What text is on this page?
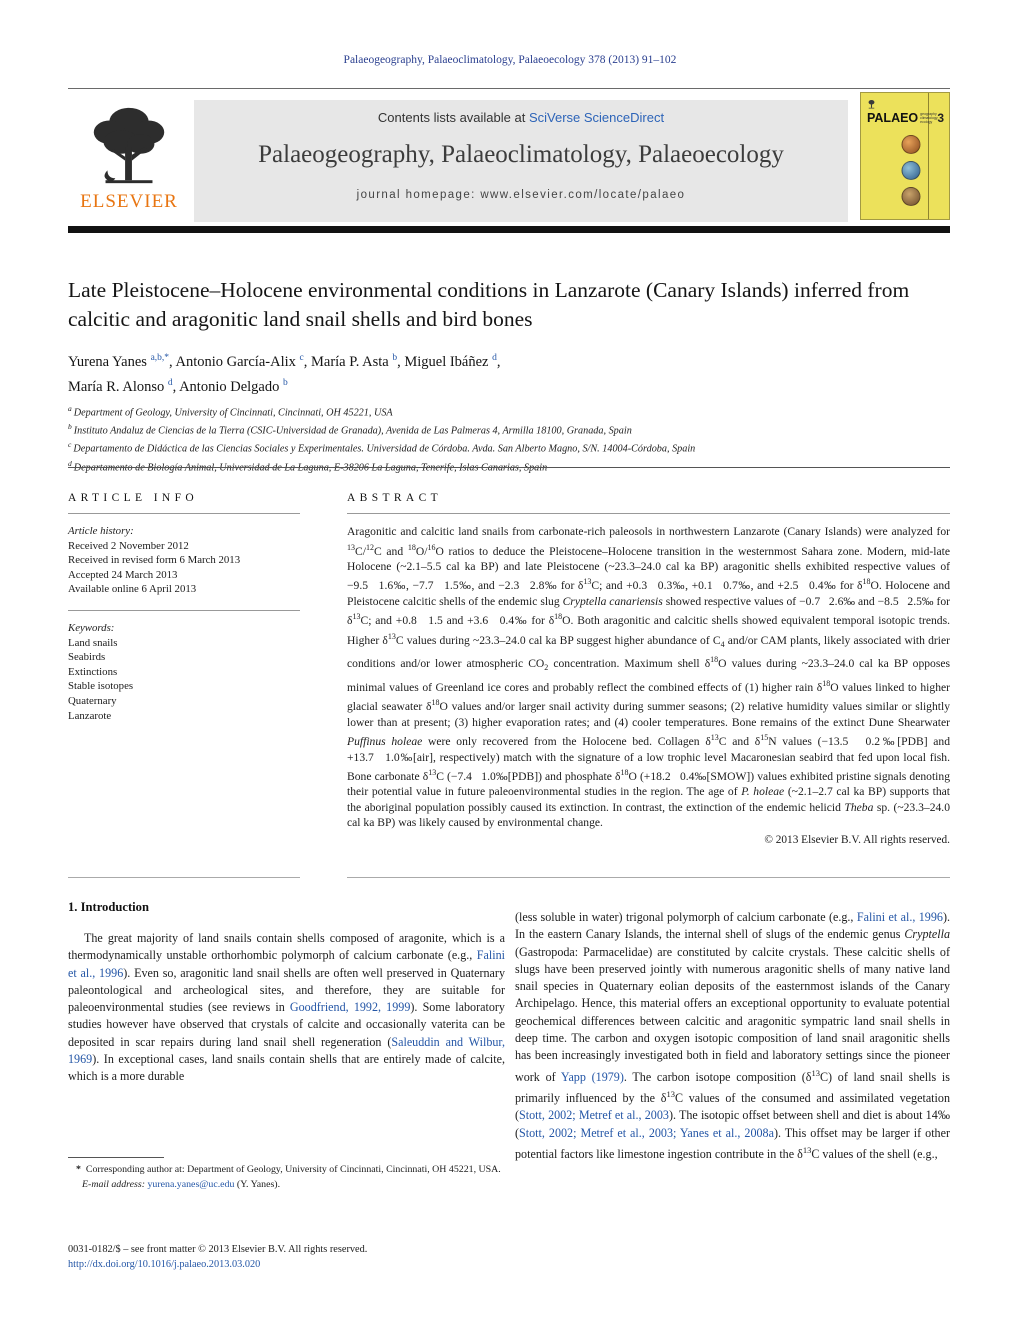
Palaeogeography, Palaeoclimatology, Palaeoecology 378 (2013) 91–102
ELSEVIER
Contents lists available at SciVerse ScienceDirect
Palaeogeography, Palaeoclimatology, Palaeoecology
journal homepage: www.elsevier.com/locate/palaeo
PALAEO geography
climatology
ecology 3
Late Pleistocene–Holocene environmental conditions in Lanzarote (Canary Islands) inferred from calcitic and aragonitic land snail shells and bird bones
Yurena Yanes $^{a,b,*}$, Antonio García-Alix $^c$, María P. Asta $^b$, Miguel Ibáñez $^d$,
María R. Alonso $^d$, Antonio Delgado $^b$
$^a$ Department of Geology, University of Cincinnati, Cincinnati, OH 45221, USA
$^b$ Instituto Andaluz de Ciencias de la Tierra (CSIC-Universidad de Granada), Avenida de Las Palmeras 4, Armilla 18100, Granada, Spain
$^c$ Departamento de Didáctica de las Ciencias Sociales y Experimentales. Universidad de Córdoba. Avda. San Alberto Magno, S/N. 14004-Córdoba, Spain
$^d$ Departamento de Biología Animal, Universidad de La Laguna, E-38206 La Laguna, Tenerife, Islas Canarias, Spain
ARTICLE INFO
Article history:
Received 2 November 2012
Received in revised form 6 March 2013
Accepted 24 March 2013
Available online 6 April 2013
Keywords:
Land snails
Seabirds
Extinctions
Stable isotopes
Quaternary
Lanzarote
ABSTRACT
Aragonitic and calcitic land snails from carbonate-rich paleosols in northwestern Lanzarote (Canary Islands) were analyzed for $^{13}$C/$^{12}$C and $^{18}$O/$^{16}$O ratios to deduce the Pleistocene–Holocene transition in the westernmost Sahara zone. Modern, mid-late Holocene (~2.1–5.5 cal ka BP) and late Pleistocene (~23.3–24.0 cal ka BP) aragonitic shells exhibited respective values of −9.5   1.6‰, −7.7   1.5‰, and −2.3   2.8‰ for $\delta^{13}C$; and +0.3   0.3‰, +0.1   0.7‰, and +2.5   0.4‰ for $\delta^{18}O$. Holocene and Pleistocene calcitic shells of the endemic slug Cryptella canariensis showed respective values of −0.7   2.6‰ and −8.5   2.5‰ for $\delta^{13}C$; and +0.8   1.5 and +3.6   0.4‰ for $\delta^{18}O$. Both aragonitic and calcitic shells showed equivalent temporal isotopic trends. Higher $\delta^{13}C$ values during ~23.3–24.0 cal ka BP suggest higher abundance of $C_4$ and/or CAM plants, likely associated with drier conditions and/or lower atmospheric $CO_2$ concentration. Maximum shell $\delta^{18}O$ values during ~23.3–24.0 cal ka BP opposes minimal values of Greenland ice cores and probably reflect the combined effects of (1) higher rain $\delta^{18}O$ values linked to higher glacial seawater $\delta^{18}O$ values and/or larger snail activity during summer seasons; (2) relative humidity values similar or slightly lower than at present; (3) higher evaporation rates; and (4) cooler temperatures. Bone remains of the extinct Dune Shearwater Puffinus holeae were only recovered from the Holocene bed. Collagen $\delta^{13}C$ and $\delta^{15}N$ values (−13.5   0.2‰[PDB] and +13.7   1.0‰[air], respectively) match with the signature of a low trophic level Macaronesian seabird that fed upon local fish. Bone carbonate $\delta^{13}C$ (−7.4   1.0‰[PDB]) and phosphate $\delta^{18}O$ (+18.2   0.4‰[SMOW]) values exhibited pristine signals denoting their potential value in future paleoenvironmental studies in the region. The age of P. holeae (~2.1–2.7 cal ka BP) supports that the aboriginal population possibly caused its extinction. In contrast, the extinction of the endemic helicid Theba sp. (~23.3–24.0 cal ka BP) was likely caused by environmental change.
© 2013 Elsevier B.V. All rights reserved.
1. Introduction
The great majority of land snails contain shells composed of aragonite, which is a thermodynamically unstable orthorhombic polymorph of calcium carbonate (e.g., Falini et al., 1996). Even so, aragonitic land snail shells are often well preserved in Quaternary paleontological and archeological sites, and therefore, they are suitable for paleoenvironmental studies (see reviews in Goodfriend, 1992, 1999). Some laboratory studies however have observed that crystals of calcite and occasionally vaterita can be deposited in scar repairs during land snail shell regeneration (Saleuddin and Wilbur, 1969). In exceptional cases, land snails contain shells that are entirely made of calcite, which is a more durable
(less soluble in water) trigonal polymorph of calcium carbonate (e.g., Falini et al., 1996). In the eastern Canary Islands, the internal shell of slugs of the endemic genus Cryptella (Gastropoda: Parmacelidae) are constituted by calcite crystals. These calcitic shells of slugs have been preserved jointly with numerous aragonitic shells of many native land snail species in Quaternary eolian deposits of the easternmost islands of the Canary Archipelago. Hence, this material offers an exceptional opportunity to evaluate potential geochemical differences between calcitic and aragonitic sympatric land snail shells in deep time. The carbon and oxygen isotopic composition of land snail aragonitic shells has been increasingly investigated both in field and laboratory settings since the pioneer work of Yapp (1979). The carbon isotope composition $(\delta^{13}C)$ of land snail shells is primarily influenced by the $\delta^{13}C$ values of the consumed and assimilated vegetation (Stott, 2002; Metref et al., 2003). The isotopic offset between shell and diet is about 14‰ (Stott, 2002; Metref et al., 2003; Yanes et al., 2008a). This offset may be larger if other potential factors like limestone ingestion contribute in the $\delta^{13}C$ values of the shell (e.g.,
*  Corresponding author at: Department of Geology, University of Cincinnati, Cincinnati, OH 45221, USA.
E-mail address: yurena.yanes@uc.edu (Y. Yanes).
0031-0182/$ – see front matter © 2013 Elsevier B.V. All rights reserved.
http://dx.doi.org/10.1016/j.palaeo.2013.03.020
